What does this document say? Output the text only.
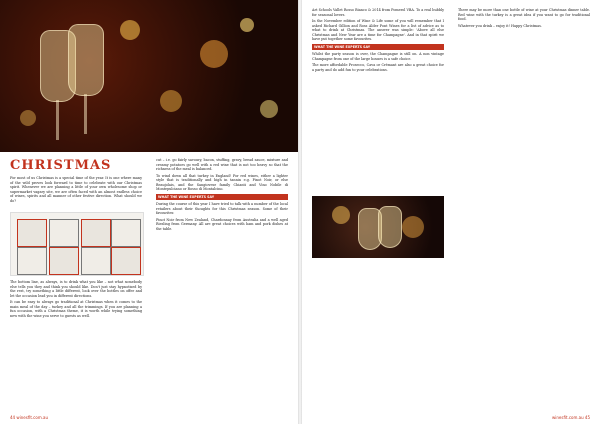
CHRISTMAS

For most of us Christmas is a special time of the year. It is one where many of the wild proves look forward to time to celebrate with our Christmas spirit. Whenever we are planning a little of your own wholesome shop or supermarket vagary site, we are often faced with an almost endless choice of wines, spirits and all manner of other festive direction. What should we do?

The bottom line, as always, is to drink what you like – not what somebody else tells you they and think you should like. Don't just stay hypnotised by the rest, try something a little different, look over the bottles on offer and let the occasion lead you in different directions.

It can be easy to always go traditional at Christmas when it comes to the main meal of the day – turkey and all the trimmings. If you are planning a fun occasion, with a Christmas theme, it is worth while trying something new with the wine you serve to guests as well.

cut – i.e. go fairly savoury, bacon, stuffing, gravy, bread sauce, mixture and creamy potatoes go well with a red wine that is not too heavy so that the richness of the meal is balanced.

To wind down all that turkey in England! For red wines, either a lighter style that is traditionally and high in tannin e.g. Pinot Noir, or else Beaujolais, and the Sangiovese family Chianti and Vino Nobile di Montepulciano or Rosso di Montalcino.

WHAT THE WINE EXPERTS SAY

During the course of this year I have tried to talk with a number of the local retailers about their thoughts for this Christmas season. Some of their favourites:

Pinot Noir from New Zealand, Chardonnay from Australia and a well aged Riesling from Germany. All are great choices with ham and pork dishes at the table.

44 winesfit.com.au

Art Schools Vallet Rosso Bianco & 2014 from Pomerol VBA. To a real bubbly for seasonal lovers.

In the November edition of Wine & Life some of you will remember that I asked Richard Gillion and Ross Alder Pont Wines for a list of advice as to what to drink at Christmas. The answer was simple: 'Above all else Christmas and New Year are a time for Champagne'. And in that spirit we have put together some favourites.

WHAT THE WINE EXPERTS SAY

Whilst the party season is over, the Champagne is still on. A non vintage Champagne from one of the large houses is a safe choice.

The more affordable Prosecco, Cava or Crémant are also a great choice for a party and do add fun to your celebrations.

There may be more than one bottle of wine at your Christmas dinner table. Red wine with the turkey is a great idea if you want to go for traditional food.

Whatever you drink – enjoy it! Happy Christmas.

winesfit.com.au 45
